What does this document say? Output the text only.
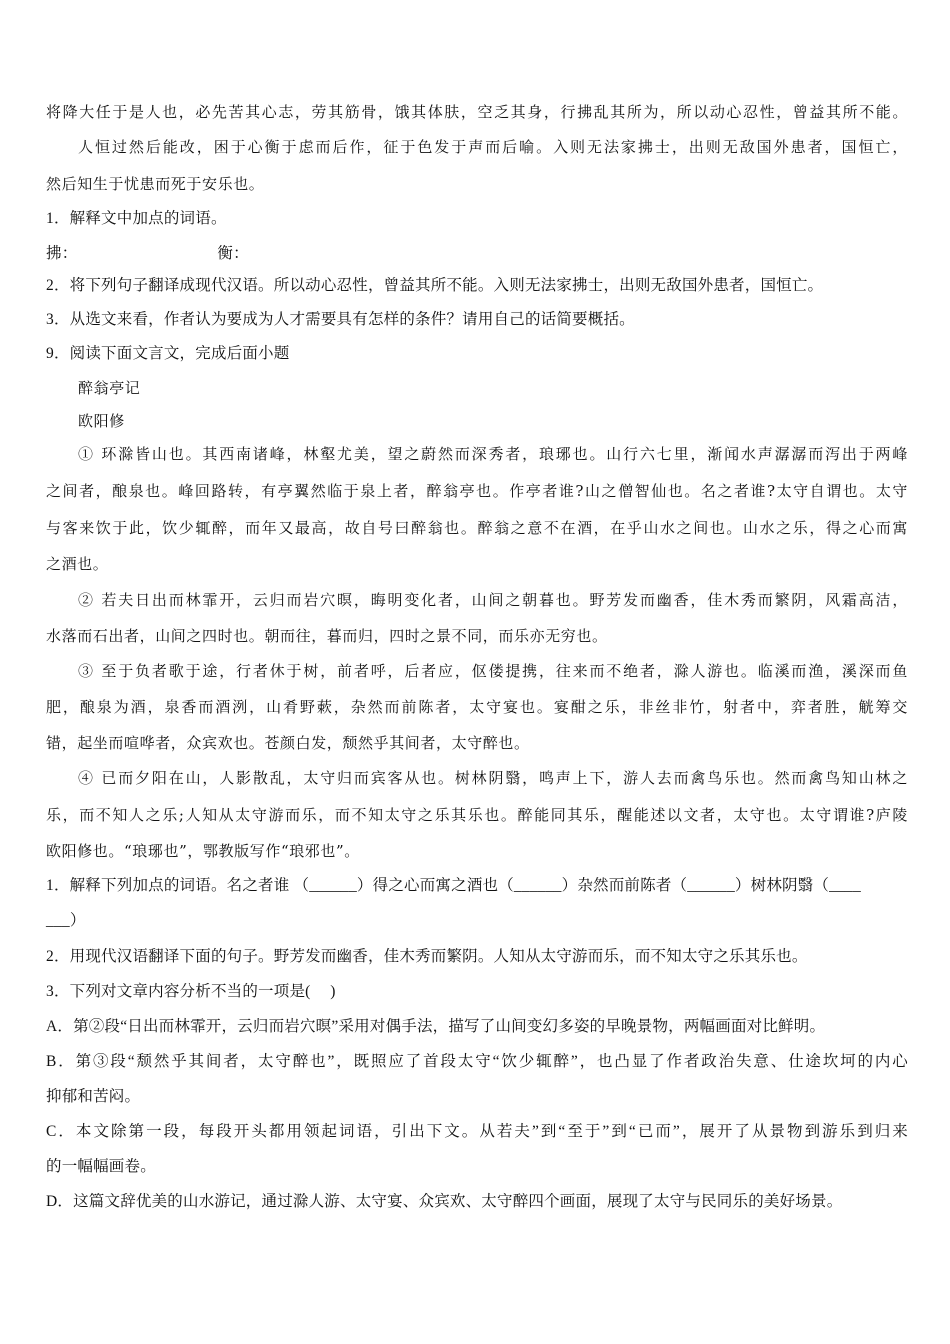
将降大任于是人也，必先苦其心志，劳其筋骨，饿其体肤，空乏其身，行拂乱其所为，所以动心忍性，曾益其所不能。
人恒过然后能改，困于心衡于虑而后作，征于色发于声而后喻。入则无法家拂士，出则无敌国外患者，国恒亡，
然后知生于忧患而死于安乐也。
1．解释文中加点的词语。
拂：	衡：
2．将下列句子翻译成现代汉语。所以动心忍性，曾益其所不能。入则无法家拂士，出则无敌国外患者，国恒亡。
3．从选文来看，作者认为要成为人才需要具有怎样的条件？请用自己的话简要概括。
9．阅读下面文言文，完成后面小题
醉翁亭记
欧阳修
① 环滁皆山也。其西南诸峰，林壑尤美，望之蔚然而深秀者，琅琊也。山行六七里，渐闻水声潺潺而泻出于两峰
之间者，酿泉也。峰回路转，有亭翼然临于泉上者，醉翁亭也。作亭者谁?山之僧智仙也。名之者谁?太守自谓也。太守
与客来饮于此，饮少辄醉，而年又最高，故自号曰醉翁也。醉翁之意不在酒，在乎山水之间也。山水之乐，得之心而寓
之酒也。
② 若夫日出而林霏开，云归而岩穴暝，晦明变化者，山间之朝暮也。野芳发而幽香，佳木秀而繁阴，风霜高洁，
水落而石出者，山间之四时也。朝而往，暮而归，四时之景不同，而乐亦无穷也。
③ 至于负者歌于途，行者休于树，前者呼，后者应，伛偻提携，往来而不绝者，滁人游也。临溪而渔，溪深而鱼
肥，酿泉为酒，泉香而酒洌，山肴野蔌，杂然而前陈者，太守宴也。宴酣之乐，非丝非竹，射者中，弈者胜，觥筹交
错，起坐而喧哗者，众宾欢也。苍颜白发，颓然乎其间者，太守醉也。
④ 已而夕阳在山，人影散乱，太守归而宾客从也。树林阴翳，鸣声上下，游人去而禽鸟乐也。然而禽鸟知山林之
乐，而不知人之乐;人知从太守游而乐，而不知太守之乐其乐也。醉能同其乐，醒能述以文者，太守也。太守谓谁?庐陵
欧阳修也。“琅琊也”，鄂教版写作“琅邪也”。
1．解释下列加点的词语。名之者谁 （______）得之心而寓之酒也（______）杂然而前陈者（______）树林阴翳（____
___）
2．用现代汉语翻译下面的句子。野芳发而幽香，佳木秀而繁阴。人知从太守游而乐，而不知太守之乐其乐也。
3．下列对文章内容分析不当的一项是(　 )
A．第②段“日出而林霏开，云归而岩穴暝”采用对偶手法，描写了山间变幻多姿的早晚景物，两幅画面对比鲜明。
B．第③段“颓然乎其间者，太守醉也”，既照应了首段太守“饮少辄醉”，也凸显了作者政治失意、仕途坎坷的内心
抑郁和苦闷。
C．本文除第一段，每段开头都用领起词语，引出下文。从若夫”到“至于”到“已而”，展开了从景物到游乐到归来
的一幅幅画卷。
D．这篇文辞优美的山水游记，通过滁人游、太守宴、众宾欢、太守醉四个画面，展现了太守与民同乐的美好场景。
